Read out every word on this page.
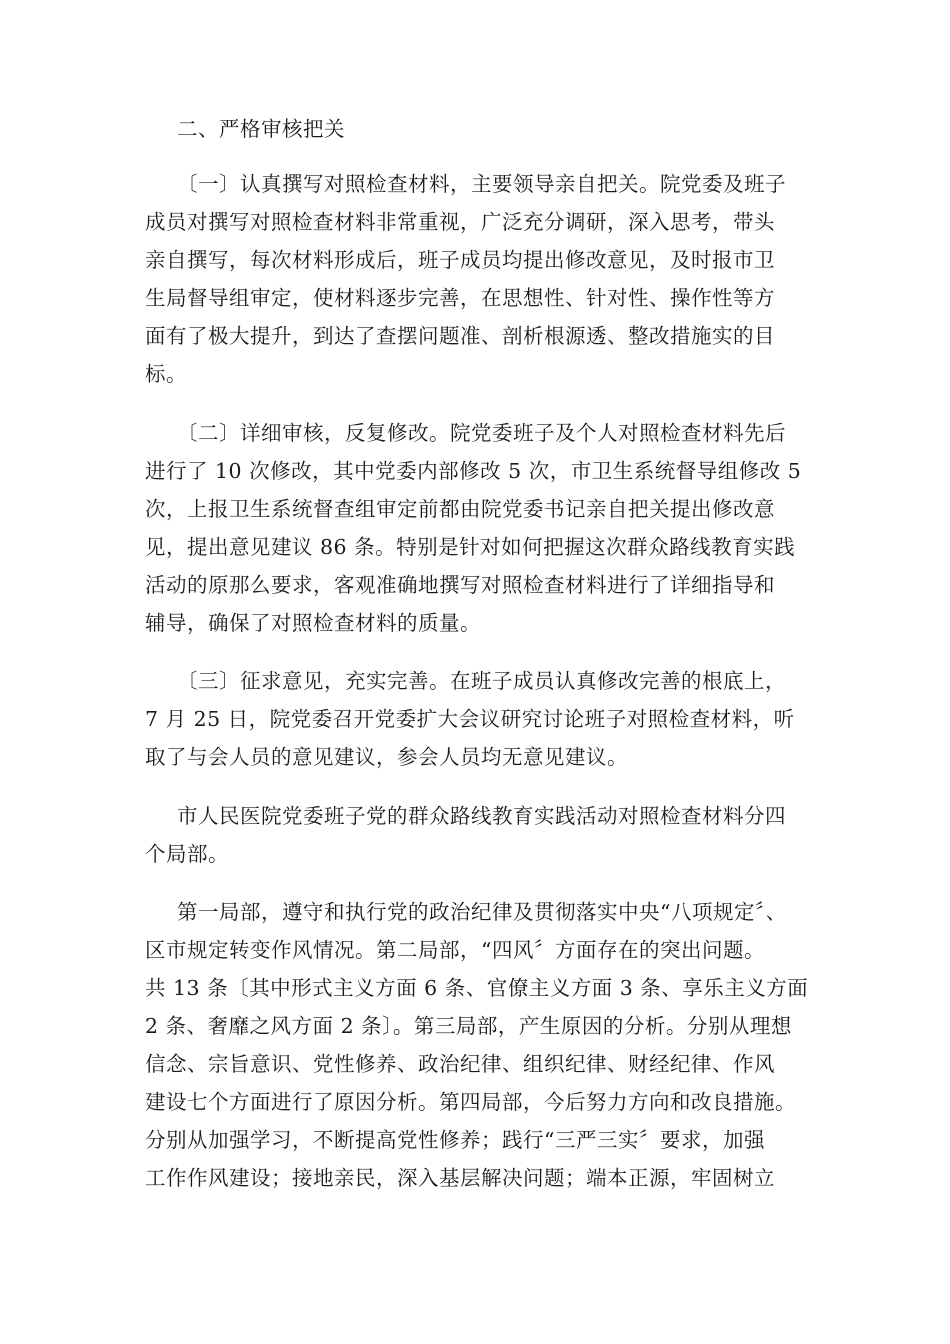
二、严格审核把关
〔一〕认真撰写对照检查材料，主要领导亲自把关。院党委及班子
成员对撰写对照检查材料非常重视，广泛充分调研，深入思考，带头
亲自撰写，每次材料形成后，班子成员均提出修改意见，及时报市卫
生局督导组审定，使材料逐步完善，在思想性、针对性、操作性等方
面有了极大提升，到达了查摆问题准、剖析根源透、整改措施实的目
标。
〔二〕详细审核，反复修改。院党委班子及个人对照检查材料先后
进行了 10 次修改，其中党委内部修改 5 次，市卫生系统督导组修改 5
次，上报卫生系统督查组审定前都由院党委书记亲自把关提出修改意
见，提出意见建议 86 条。特别是针对如何把握这次群众路线教育实践
活动的原那么要求，客观准确地撰写对照检查材料进行了详细指导和
辅导，确保了对照检查材料的质量。
〔三〕征求意见，充实完善。在班子成员认真修改完善的根底上，
7 月 25 日，院党委召开党委扩大会议研究讨论班子对照检查材料，听
取了与会人员的意见建议，参会人员均无意见建议。
市人民医院党委班子党的群众路线教育实践活动对照检查材料分四
个局部。
第一局部，遵守和执行党的政治纪律及贯彻落实中央“八项规定〞、
区市规定转变作风情况。第二局部，“四风〞方面存在的突出问题。
共 13 条〔其中形式主义方面 6 条、官僚主义方面 3 条、享乐主义方面
2 条、奢靡之风方面 2 条〕。第三局部，产生原因的分析。分别从理想
信念、宗旨意识、党性修养、政治纪律、组织纪律、财经纪律、作风
建设七个方面进行了原因分析。第四局部，今后努力方向和改良措施。
分别从加强学习，不断提高党性修养；践行“三严三实〞要求，加强
工作作风建设；接地亲民，深入基层解决问题；端本正源，牢固树立
